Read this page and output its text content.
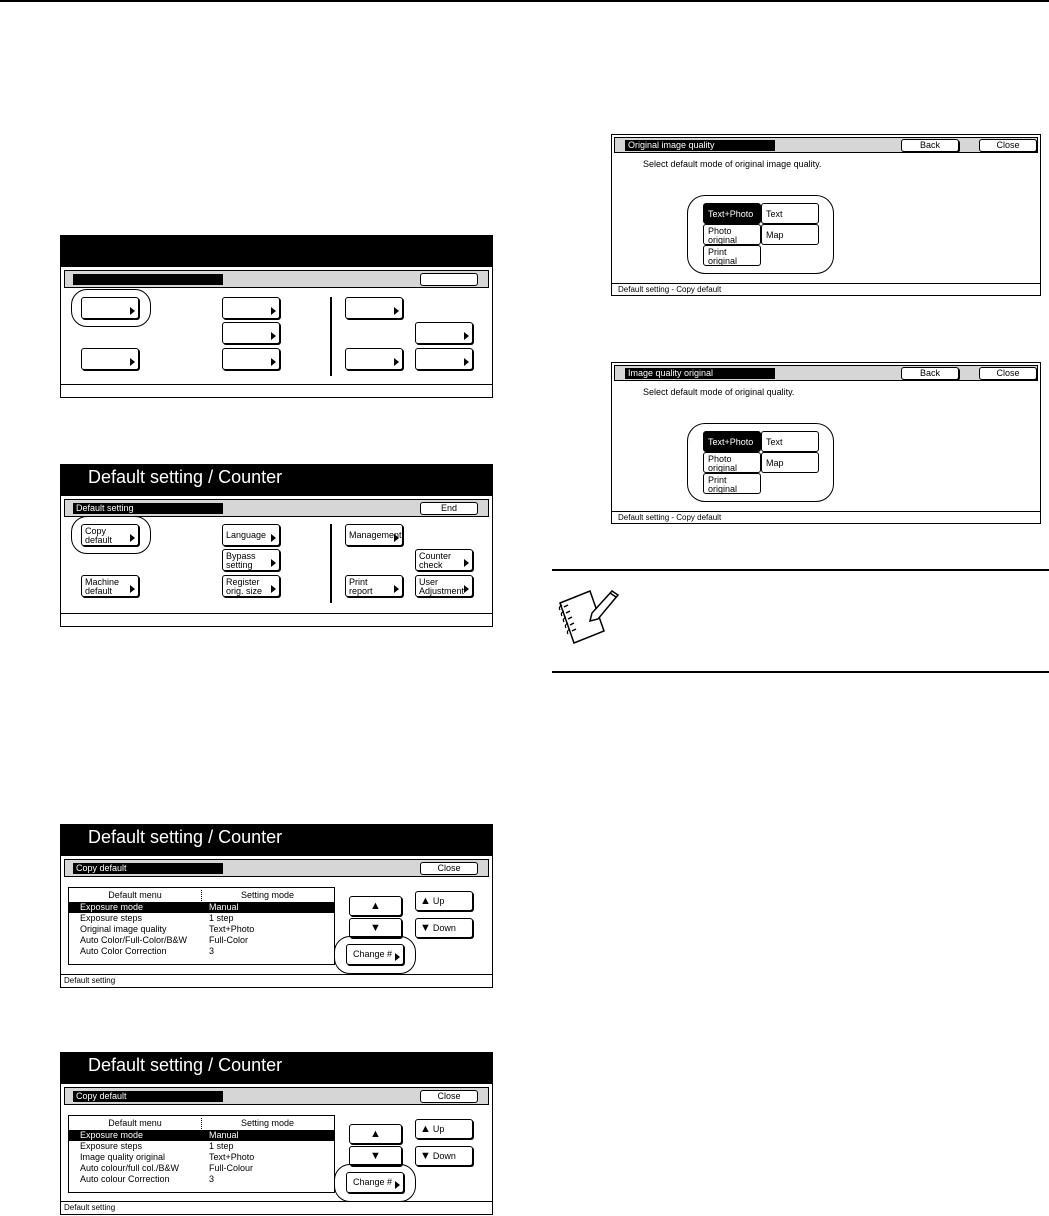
Default setting / Counter
Default setting	End
Copy
default	Language
Bypass
setting
Machine
default
Register
orig. size
Management
Counter
check
Print
report
User
Adjustment
Default setting / Counter
Copy default	Close
Default menu	Setting mode
Exposure mode	Manual
Exposure steps	1 step
Original image quality	Text+Photo
Auto Color/Full-Color/B&W Full-Color
Auto Color Correction	3
▲
▼
▲ Up
▼ Down
Change #
Default setting
Default setting / Counter
Copy default	Close
Default menu	Setting mode
Exposure mode	Manual
Exposure steps	1 step
Image quality original	Text+Photo
Auto colour/full col./B&W	Full-Colour
Auto colour Correction	3
▲
▼
▲ Up
▼ Down
Change #
Default setting
Original image quality	Back	Close
Select default mode of original image quality.
Text+Photo	Text
Photo
original	Map
Print
original
Default setting - Copy default
Image quality original	Back	Close
Select default mode of original quality.
Text+Photo	Text
Photo
original	Map
Print
original
Default setting - Copy default
